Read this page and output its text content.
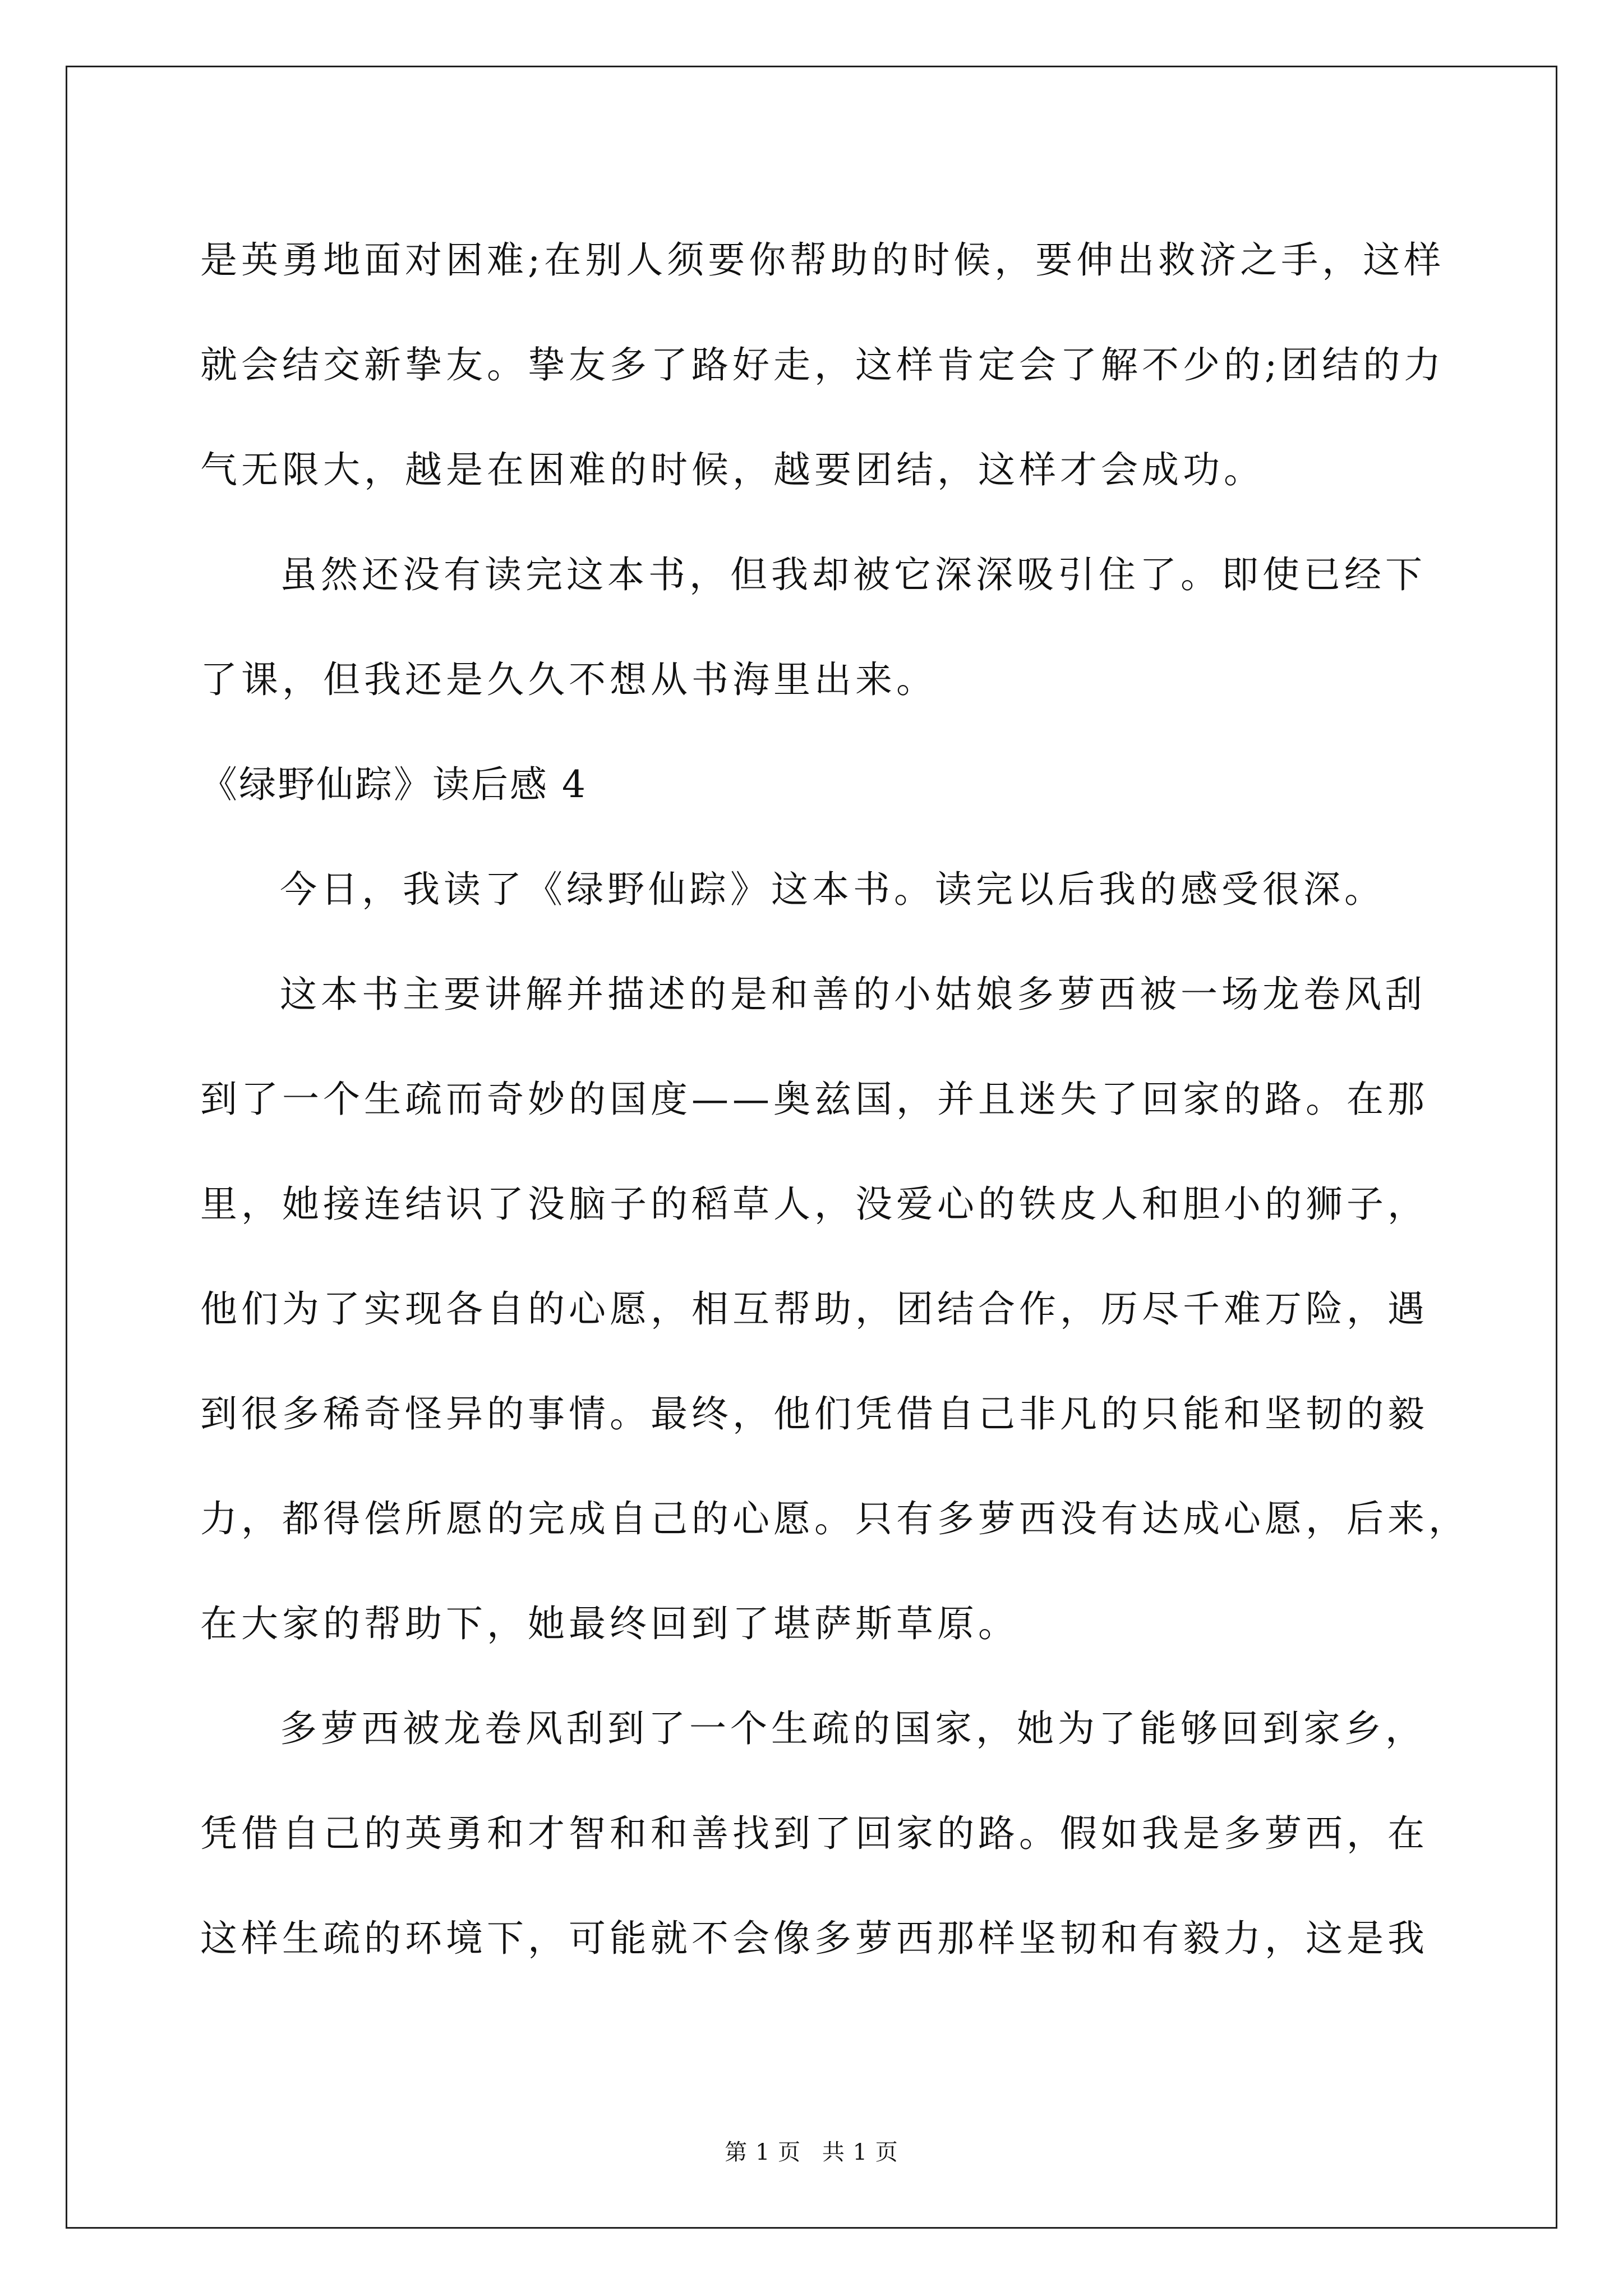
是英勇地面对困难;在别人须要你帮助的时候，要伸出救济之手，这样
就会结交新挚友。挚友多了路好走，这样肯定会了解不少的;团结的力
气无限大，越是在困难的时候，越要团结，这样才会成功。
虽然还没有读完这本书，但我却被它深深吸引住了。即使已经下
了课，但我还是久久不想从书海里出来。
《绿野仙踪》读后感 4
今日，我读了《绿野仙踪》这本书。读完以后我的感受很深。
这本书主要讲解并描述的是和善的小姑娘多萝西被一场龙卷风刮
到了一个生疏而奇妙的国度——奥兹国，并且迷失了回家的路。在那
里，她接连结识了没脑子的稻草人，没爱心的铁皮人和胆小的狮子，
他们为了实现各自的心愿，相互帮助，团结合作，历尽千难万险，遇
到很多稀奇怪异的事情。最终，他们凭借自己非凡的只能和坚韧的毅
力，都得偿所愿的完成自己的心愿。只有多萝西没有达成心愿，后来，
在大家的帮助下，她最终回到了堪萨斯草原。
多萝西被龙卷风刮到了一个生疏的国家，她为了能够回到家乡，
凭借自己的英勇和才智和和善找到了回家的路。假如我是多萝西，在
这样生疏的环境下，可能就不会像多萝西那样坚韧和有毅力，这是我
第 1 页 共 1 页
